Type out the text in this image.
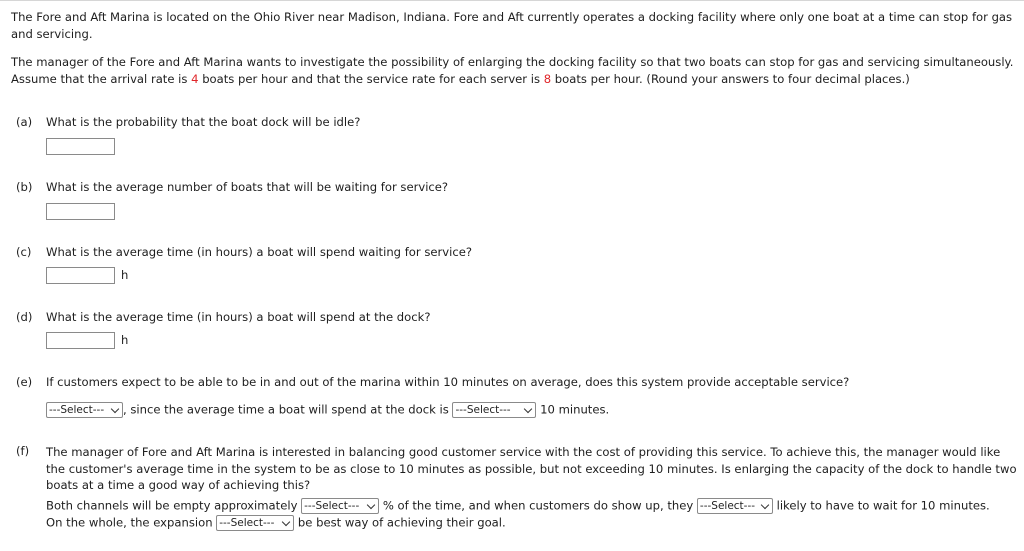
The Fore and Aft Marina is located on the Ohio River near Madison, Indiana. Fore and Aft currently operates a docking facility where only one boat at a time can stop for gas and servicing.
The manager of the Fore and Aft Marina wants to investigate the possibility of enlarging the docking facility so that two boats can stop for gas and servicing simultaneously. Assume that the arrival rate is 4 boats per hour and that the service rate for each server is 8 boats per hour. (Round your answers to four decimal places.)
(a) What is the probability that the boat dock will be idle?
(b) What is the average number of boats that will be waiting for service?
(c) What is the average time (in hours) a boat will spend waiting for service?
h
(d) What is the average time (in hours) a boat will spend at the dock?
h
(e) If customers expect to be able to be in and out of the marina within 10 minutes on average, does this system provide acceptable service?
---Select--- , since the average time a boat will spend at the dock is ---Select---	10 minutes.
(f)	The manager of Fore and Aft Marina is interested in balancing good customer service with the cost of providing this service. To achieve this, the manager would like the customer's average time in the system to be as close to 10 minutes as possible, but not exceeding 10 minutes. Is enlarging the capacity of the dock to handle two boats at a time a good way of achieving this?
Both channels will be empty approximately ---Select--- % of the time, and when customers do show up, they ---Select--- likely to have to wait for 10 minutes.
On the whole, the expansion ---Select--- be best way of achieving their goal.
